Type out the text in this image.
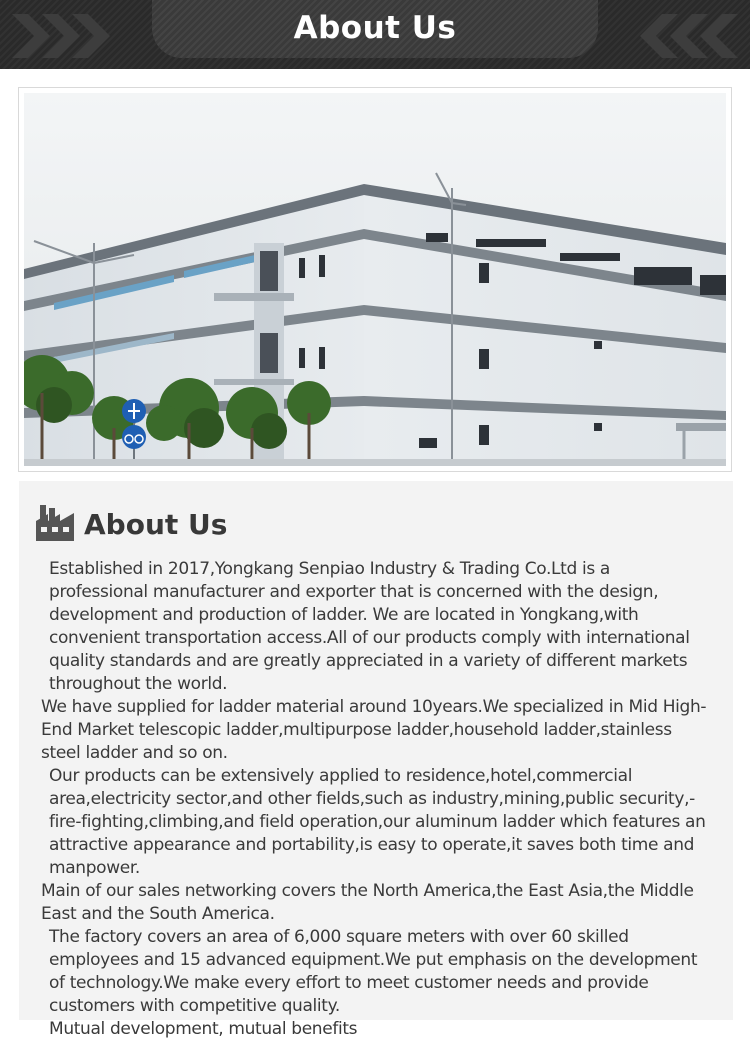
About Us
About Us

Established in 2017,Yongkang Senpiao Industry & Trading Co.Ltd is a professional manufacturer and exporter that is concerned with the design, development and production of ladder. We are located in Yongkang,with convenient transportation access.All of our products comply with international quality standards and are greatly appreciated in a variety of different markets throughout the world.

We have supplied for ladder material around 10years.We specialized in Mid High-End Market telescopic ladder,multipurpose ladder,household ladder,stainless steel ladder and so on.

Our products can be extensively applied to residence,hotel,commercial area,electricity sector,and other fields,such as industry,mining,public security,-fire-fighting,climbing,and field operation,our aluminum ladder which features an attractive appearance and portability,is easy to operate,it saves both time and manpower.

Main of our sales networking covers the North America,the East Asia,the Middle East and the South America.

The factory covers an area of 6,000 square meters with over 60 skilled employees and 15 advanced equipment.We put emphasis on the development of technology.We make every effort to meet customer needs and provide customers with competitive quality.

Mutual development, mutual benefits
